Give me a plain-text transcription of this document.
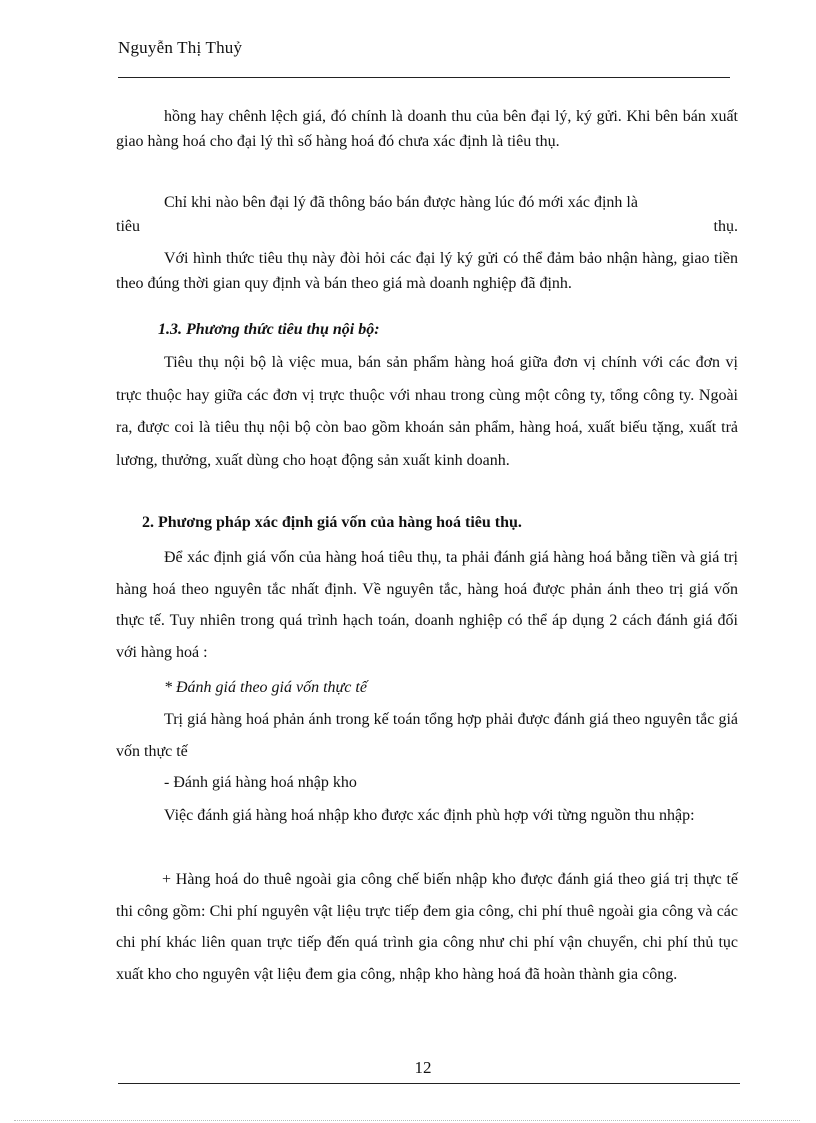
Nguyễn Thị Thuỷ

hồng hay chênh lệch giá, đó chính là doanh thu của bên đại lý, ký gửi. Khi bên bán xuất giao hàng hoá cho đại lý thì số hàng hoá đó chưa xác định là tiêu thụ.

Chỉ khi nào bên đại lý đã thông báo bán được hàng lúc đó mới xác định là

tiêu	thụ.

Với hình thức tiêu thụ này đòi hỏi các đại lý ký gửi có thể đảm bảo nhận hàng, giao tiền theo đúng thời gian quy định và bán theo giá mà doanh nghiệp đã định.

1.3. Phương thức tiêu thụ nội bộ:

Tiêu thụ nội bộ là việc mua, bán sản phẩm hàng hoá giữa đơn vị chính với các đơn vị trực thuộc hay giữa các đơn vị trực thuộc với nhau trong cùng một công ty, tổng công ty. Ngoài ra, được coi là tiêu thụ nội bộ còn bao gồm khoán sản phẩm, hàng hoá, xuất biếu tặng, xuất trả lương, thưởng, xuất dùng cho hoạt động sản xuất kinh doanh.

2. Phương pháp xác định giá vốn của hàng hoá tiêu thụ.

Để xác định giá vốn của hàng hoá tiêu thụ, ta phải đánh giá hàng hoá bằng tiền và giá trị hàng hoá theo nguyên tắc nhất định. Về nguyên tắc, hàng hoá được phản ánh theo trị giá vốn thực tế. Tuy nhiên trong quá trình hạch toán, doanh nghiệp có thể áp dụng 2 cách đánh giá đối với hàng hoá :

* Đánh giá theo giá vốn thực tế

Trị giá hàng hoá phản ánh trong kế toán tổng hợp phải được đánh giá theo nguyên tắc giá vốn thực tế

- Đánh giá hàng hoá nhập kho

Việc đánh giá hàng hoá nhập kho được xác định phù hợp với từng nguồn thu nhập:

+ Hàng hoá do thuê ngoài gia công chế biến nhập kho được đánh giá theo giá trị thực tế thi công gồm: Chi phí nguyên vật liệu trực tiếp đem gia công, chi phí thuê ngoài gia công và các chi phí khác liên quan trực tiếp đến quá trình gia công như chi phí vận chuyển, chi phí thủ tục xuất kho cho nguyên vật liệu đem gia công, nhập kho hàng hoá đã hoàn thành gia công.

12
